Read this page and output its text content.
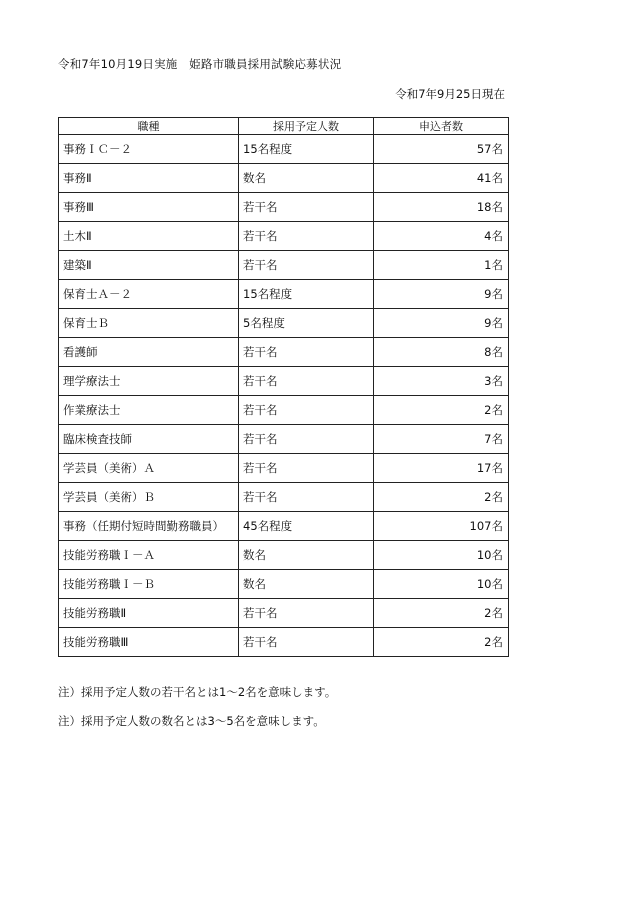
令和7年10月19日実施　姫路市職員採用試験応募状況
令和7年9月25日現在
職種	採用予定人数	申込者数
事務ＩＣ－２	15名程度	57名
事務Ⅱ	数名	41名
事務Ⅲ	若干名	18名
土木Ⅱ	若干名	4名
建築Ⅱ	若干名	1名
保育士Ａ－２	15名程度	9名
保育士Ｂ	5名程度	9名
看護師	若干名	8名
理学療法士	若干名	3名
作業療法士	若干名	2名
臨床検査技師	若干名	7名
学芸員（美術）Ａ	若干名	17名
学芸員（美術）Ｂ	若干名	2名
事務（任期付短時間勤務職員）	45名程度	107名
技能労務職Ｉ－Ａ	数名	10名
技能労務職Ｉ－Ｂ	数名	10名
技能労務職Ⅱ	若干名	2名
技能労務職Ⅲ	若干名	2名
注）採用予定人数の若干名とは1～2名を意味します。
注）採用予定人数の数名とは3～5名を意味します。
